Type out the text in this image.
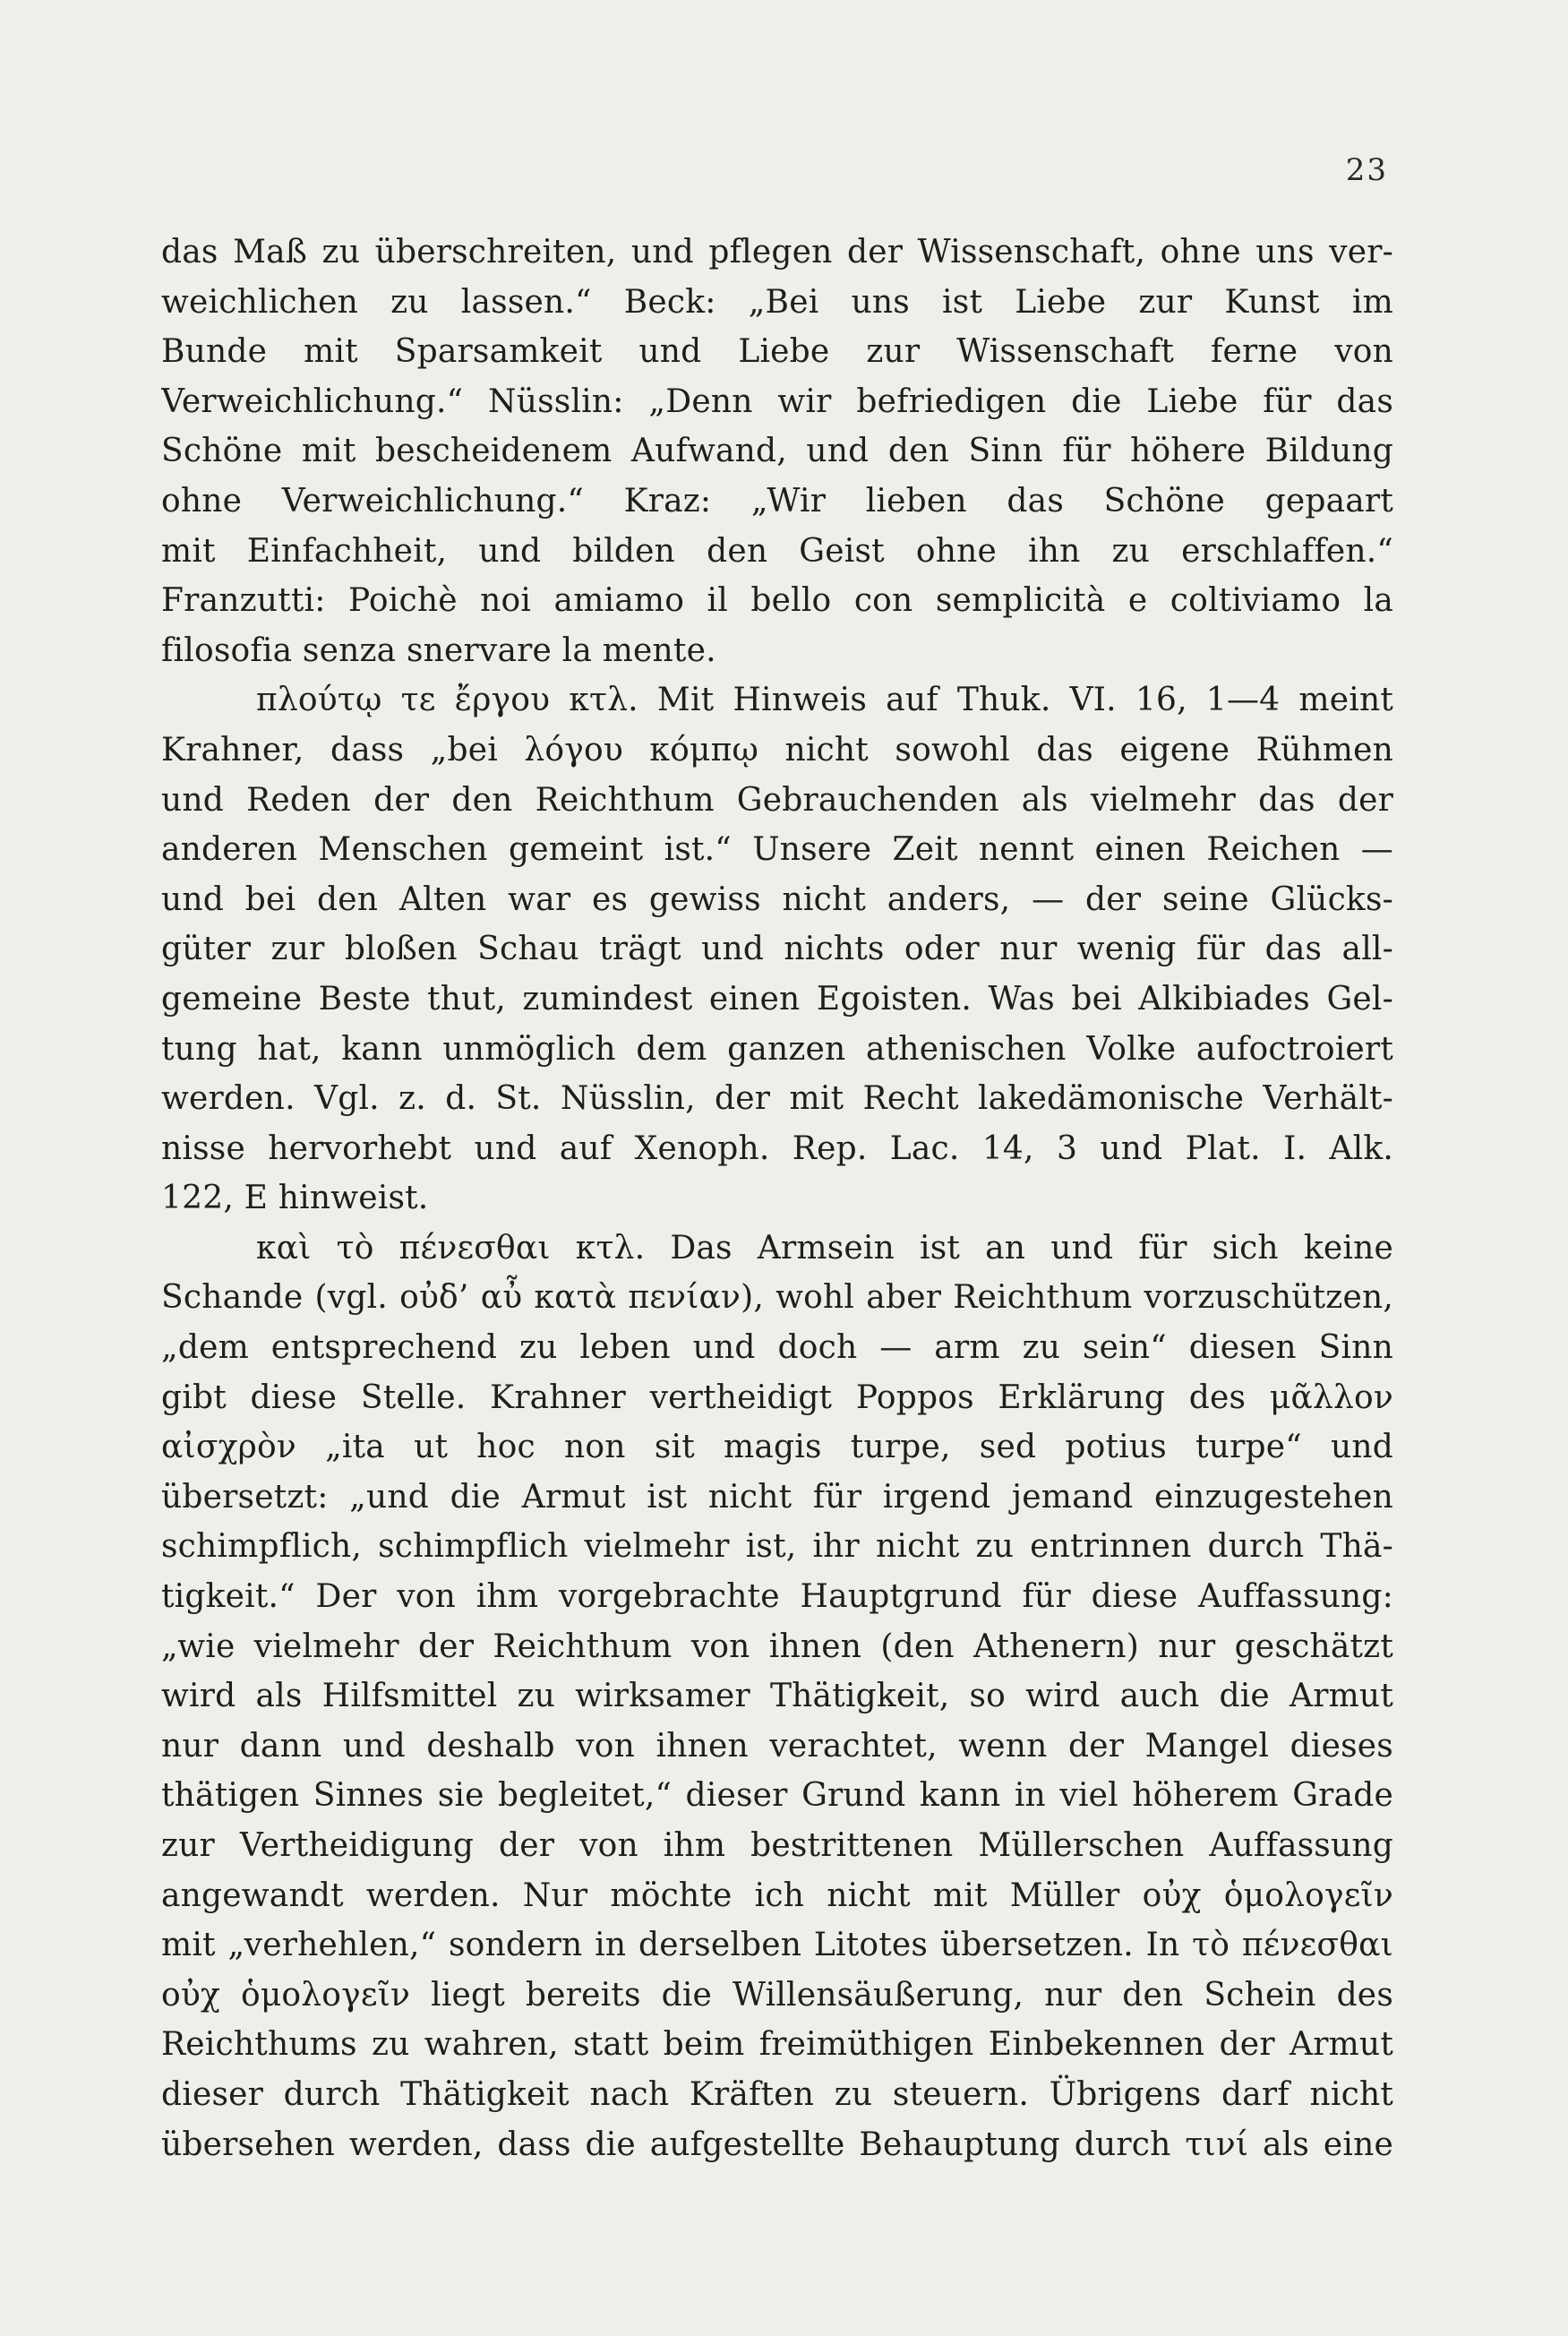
23
das Maß zu überschreiten, und pflegen der Wissenschaft, ohne uns ver-
weichlichen zu lassen.“ Beck: „Bei uns ist Liebe zur Kunst im
Bunde mit Sparsamkeit und Liebe zur Wissenschaft ferne von
Verweichlichung.“ Nüsslin: „Denn wir befriedigen die Liebe für das
Schöne mit bescheidenem Aufwand, und den Sinn für höhere Bildung
ohne Verweichlichung.“ Kraz: „Wir lieben das Schöne gepaart
mit Einfachheit, und bilden den Geist ohne ihn zu erschlaffen.“
Franzutti: Poichè noi amiamo il bello con semplicità e coltiviamo la
filosofia senza snervare la mente.
πλούτῳ τε ἔργου κτλ. Mit Hinweis auf Thuk. VI. 16, 1—4 meint
Krahner, dass „bei λόγου κόμπῳ nicht sowohl das eigene Rühmen
und Reden der den Reichthum Gebrauchenden als vielmehr das der
anderen Menschen gemeint ist.“ Unsere Zeit nennt einen Reichen —
und bei den Alten war es gewiss nicht anders, — der seine Glücks-
güter zur bloßen Schau trägt und nichts oder nur wenig für das all-
gemeine Beste thut, zumindest einen Egoisten. Was bei Alkibiades Gel-
tung hat, kann unmöglich dem ganzen athenischen Volke aufoctroiert
werden. Vgl. z. d. St. Nüsslin, der mit Recht lakedämonische Verhält-
nisse hervorhebt und auf Xenoph. Rep. Lac. 14, 3 und Plat. I. Alk.
122, E hinweist.
καὶ τὸ πένεσθαι κτλ. Das Armsein ist an und für sich keine
Schande (vgl. οὐδ’ αὖ κατὰ πενίαν), wohl aber Reichthum vorzuschützen,
„dem entsprechend zu leben und doch — arm zu sein“ diesen Sinn
gibt diese Stelle. Krahner vertheidigt Poppos Erklärung des μᾶλλον
αἰσχρὸν „ita ut hoc non sit magis turpe, sed potius turpe“ und
übersetzt: „und die Armut ist nicht für irgend jemand einzugestehen
schimpflich, schimpflich vielmehr ist, ihr nicht zu entrinnen durch Thä-
tigkeit.“ Der von ihm vorgebrachte Hauptgrund für diese Auffassung:
„wie vielmehr der Reichthum von ihnen (den Athenern) nur geschätzt
wird als Hilfsmittel zu wirksamer Thätigkeit, so wird auch die Armut
nur dann und deshalb von ihnen verachtet, wenn der Mangel dieses
thätigen Sinnes sie begleitet,“ dieser Grund kann in viel höherem Grade
zur Vertheidigung der von ihm bestrittenen Müllerschen Auffassung
angewandt werden. Nur möchte ich nicht mit Müller οὐχ ὁμολογεῖν
mit „verhehlen,“ sondern in derselben Litotes übersetzen. In τὸ πένεσθαι
οὐχ ὁμολογεῖν liegt bereits die Willensäußerung, nur den Schein des
Reichthums zu wahren, statt beim freimüthigen Einbekennen der Armut
dieser durch Thätigkeit nach Kräften zu steuern. Übrigens darf nicht
übersehen werden, dass die aufgestellte Behauptung durch τινί als eine
